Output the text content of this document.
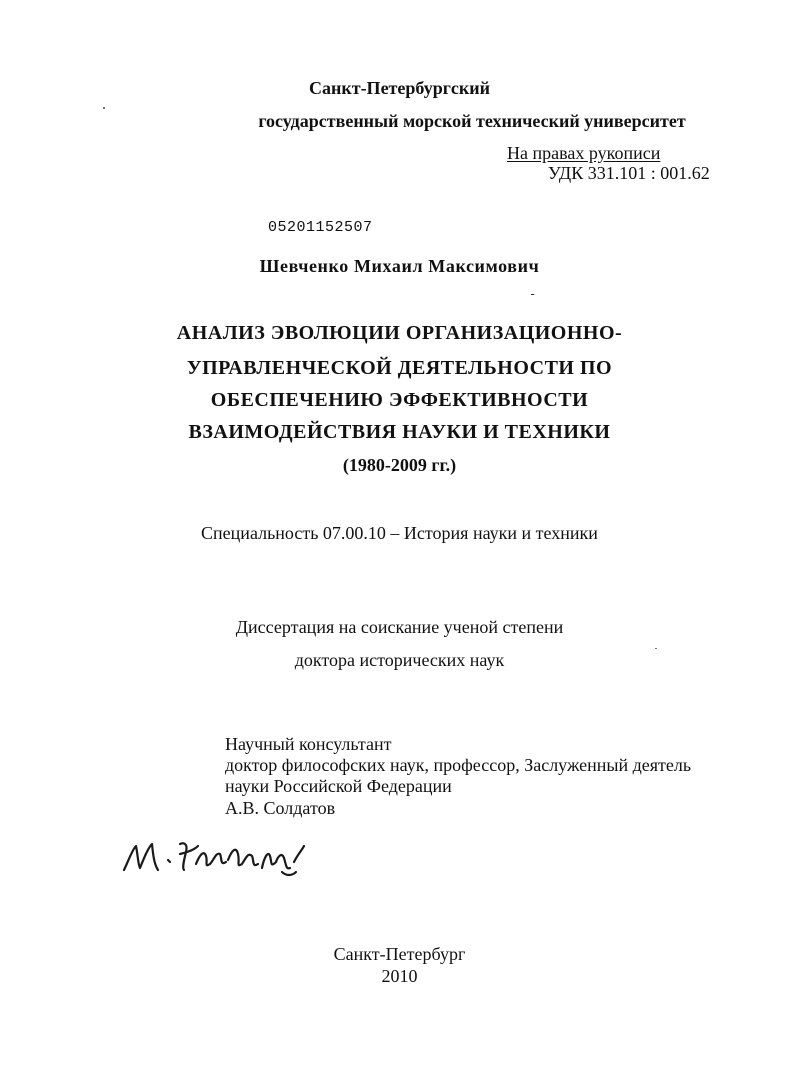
Санкт-Петербургский
государственный морской технический университет
На правах рукописи
УДК 331.101 : 001.62
05201152507
Шевченко Михаил Максимович
ـ
АНАЛИЗ ЭВОЛЮЦИИ ОРГАНИЗАЦИОННО-
УПРАВЛЕНЧЕСКОЙ ДЕЯТЕЛЬНОСТИ ПО
ОБЕСПЕЧЕНИЮ ЭФФЕКТИВНОСТИ
ВЗАИМОДЕЙСТВИЯ НАУКИ И ТЕХНИКИ
(1980-2009 гг.)
Специальность 07.00.10 – История науки и техники
Диссертация на соискание ученой степени
доктора исторических наук
Научный консультант
доктор философских наук, профессор, Заслуженный деятель
науки Российской Федерации
А.В. Солдатов
Санкт-Петербург
2010
